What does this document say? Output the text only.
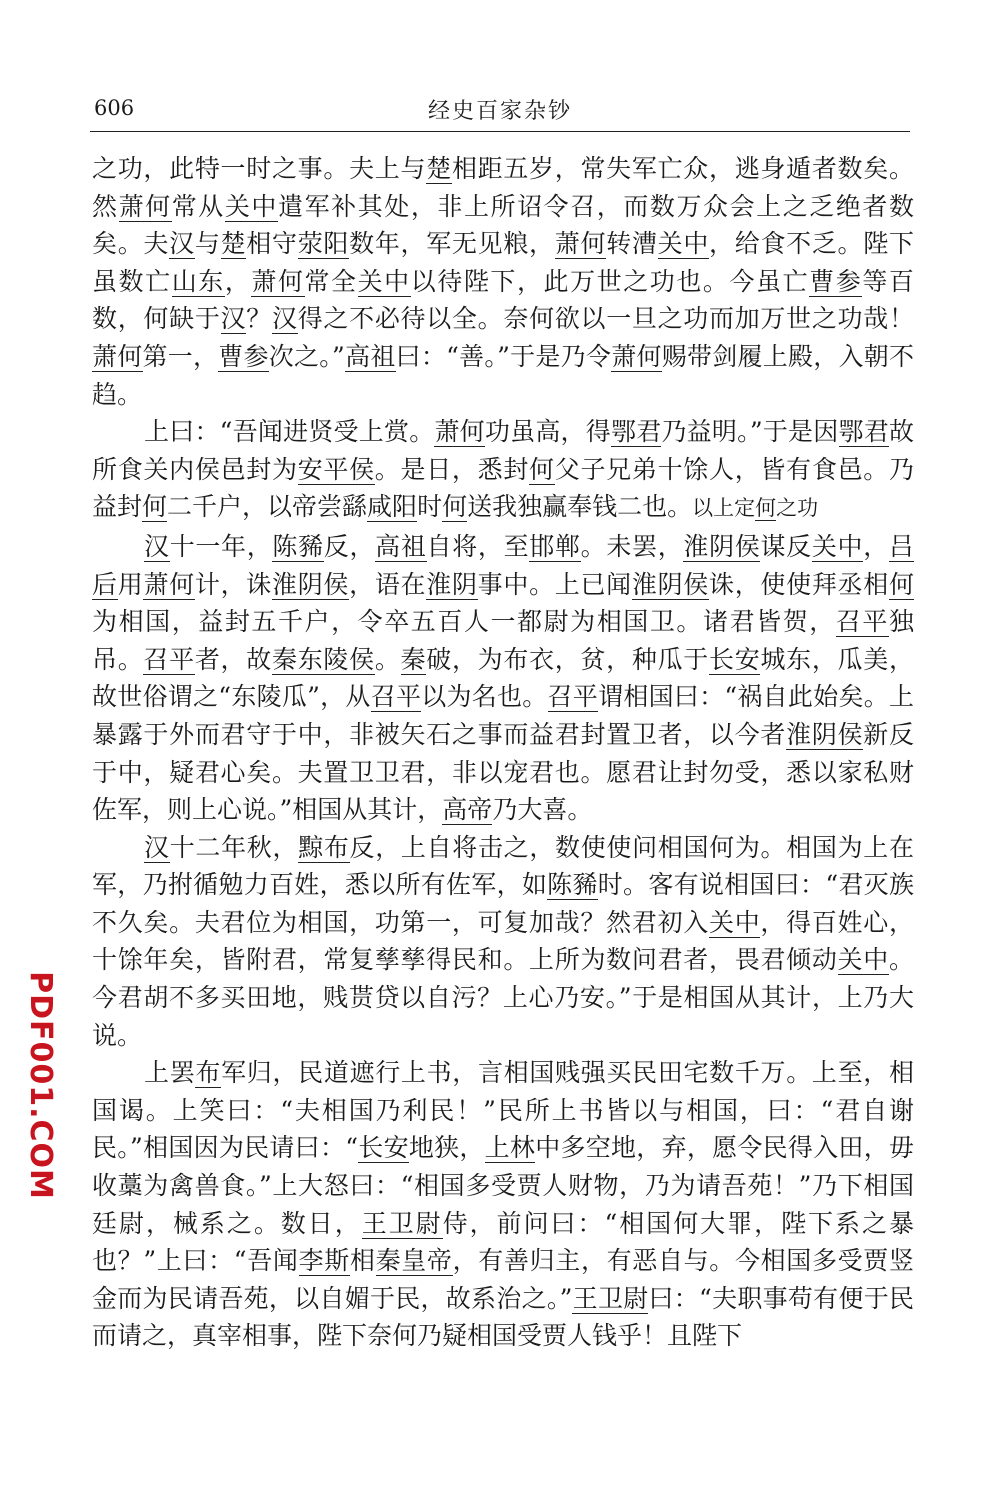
606	经史百家杂钞

之功，此特一时之事。夫上与楚相距五岁，常失军亡众，逃身遁者数矣。然萧何常从关中遣军补其处，非上所诏令召，而数万众会上之乏绝者数矣。夫汉与楚相守荥阳数年，军无见粮，萧何转漕关中，给食不乏。陛下虽数亡山东，萧何常全关中以待陛下，此万世之功也。今虽亡曹参等百数，何缺于汉？汉得之不必待以全。奈何欲以一旦之功而加万世之功哉！萧何第一，曹参次之。”高祖曰：“善。”于是乃令萧何赐带剑履上殿，入朝不趋。

上曰：“吾闻进贤受上赏。萧何功虽高，得鄂君乃益明。”于是因鄂君故所食关内侯邑封为安平侯。是日，悉封何父子兄弟十馀人，皆有食邑。乃益封何二千户，以帝尝繇咸阳时何送我独赢奉钱二也。以上定何之功

汉十一年，陈豨反，高祖自将，至邯郸。未罢，淮阴侯谋反关中，吕后用萧何计，诛淮阴侯，语在淮阴事中。上已闻淮阴侯诛，使使拜丞相何为相国，益封五千户，令卒五百人一都尉为相国卫。诸君皆贺，召平独吊。召平者，故秦东陵侯。秦破，为布衣，贫，种瓜于长安城东，瓜美，故世俗谓之“东陵瓜”，从召平以为名也。召平谓相国曰：“祸自此始矣。上暴露于外而君守于中，非被矢石之事而益君封置卫者，以今者淮阴侯新反于中，疑君心矣。夫置卫卫君，非以宠君也。愿君让封勿受，悉以家私财佐军，则上心说。”相国从其计，高帝乃大喜。

汉十二年秋，黥布反，上自将击之，数使使问相国何为。相国为上在军，乃拊循勉力百姓，悉以所有佐军，如陈豨时。客有说相国曰：“君灭族不久矣。夫君位为相国，功第一，可复加哉？然君初入关中，得百姓心，十馀年矣，皆附君，常复孳孳得民和。上所为数问君者，畏君倾动关中。今君胡不多买田地，贱贳贷以自污？上心乃安。”于是相国从其计，上乃大说。

上罢布军归，民道遮行上书，言相国贱强买民田宅数千万。上至，相国谒。上笑曰：“夫相国乃利民！”民所上书皆以与相国，曰：“君自谢民。”相国因为民请曰：“长安地狭，上林中多空地，弃，愿令民得入田，毋收藁为禽兽食。”上大怒曰：“相国多受贾人财物，乃为请吾苑！”乃下相国廷尉，械系之。数日，王卫尉侍，前问曰：“相国何大罪，陛下系之暴也？”上曰：“吾闻李斯相秦皇帝，有善归主，有恶自与。今相国多受贾竖金而为民请吾苑，以自媚于民，故系治之。”王卫尉曰：“夫职事苟有便于民而请之，真宰相事，陛下奈何乃疑相国受贾人钱乎！且陛下

PDF001.COM
